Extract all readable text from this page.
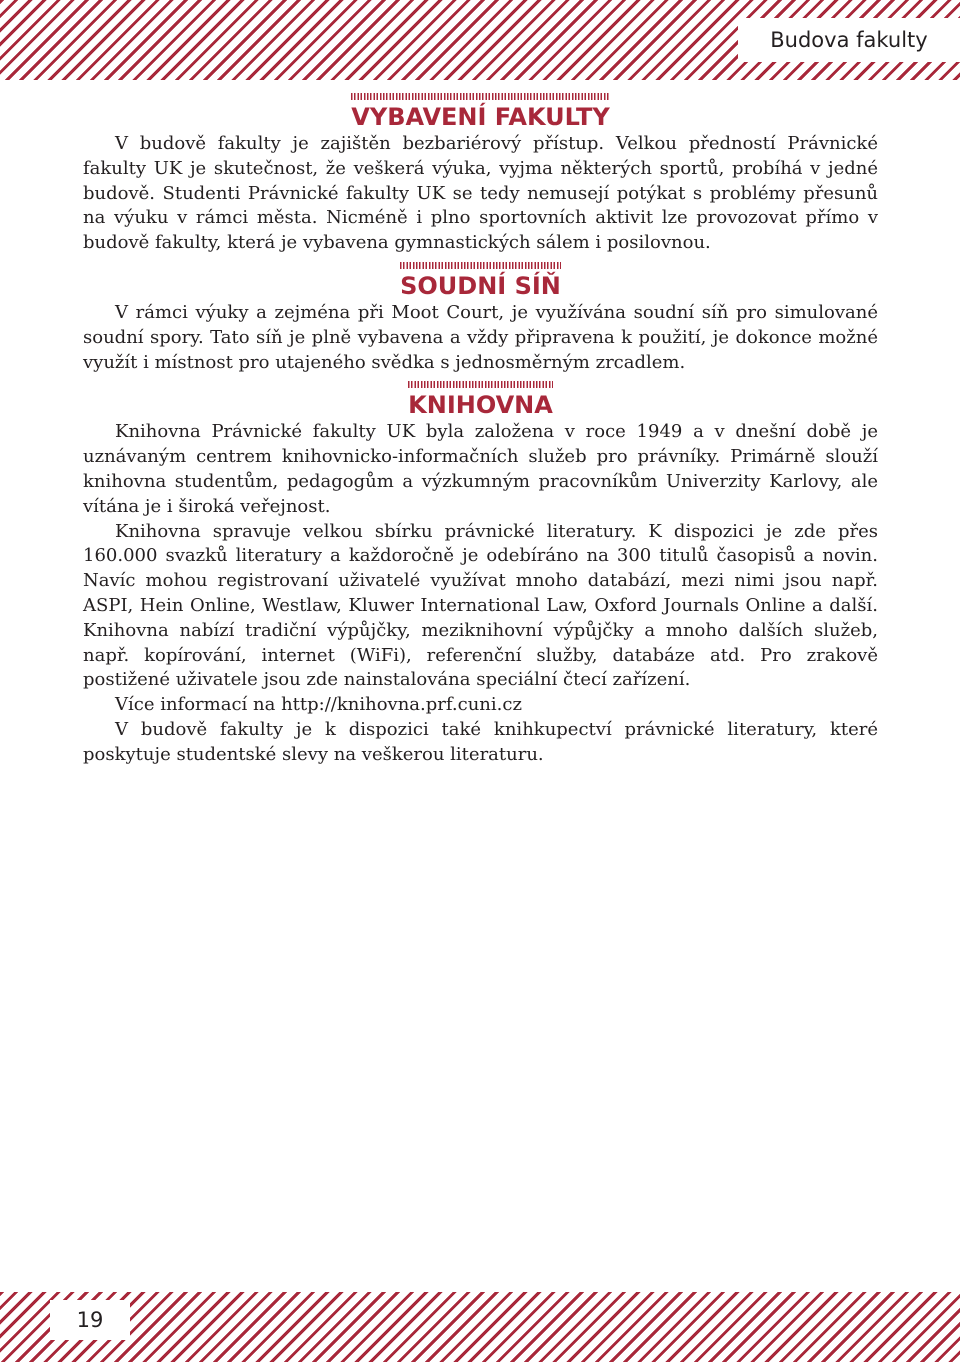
Budova fakulty
VYBAVENÍ FAKULTY

V budově fakulty je zajištěn bezbariérový přístup. Velkou předností Právnické fakulty UK je skutečnost, že veškerá výuka, vyjma některých sportů, probíhá v jedné budově. Studenti Právnické fakulty UK se tedy nemusejí potýkat s problémy přesunů na výuku v rámci města. Nicméně i plno sportovních aktivit lze provozovat přímo v budově fakulty, která je vybavena gymnastických sálem i posilovnou.

SOUDNÍ SÍŇ

V rámci výuky a zejména při Moot Court, je využívána soudní síň pro simulované soudní spory. Tato síň je plně vybavena a vždy připravena k použití, je dokonce možné využít i místnost pro utajeného svědka s jednosměrným zrcadlem.

KNIHOVNA

Knihovna Právnické fakulty UK byla založena v roce 1949 a v dnešní době je uznávaným centrem knihovnicko-informačních služeb pro právníky. Primárně slouží knihovna studentům, pedagogům a výzkumným pracovníkům Univerzity Karlovy, ale vítána je i široká veřejnost.

Knihovna spravuje velkou sbírku právnické literatury. K dispozici je zde přes 160.000 svazků literatury a každoročně je odebíráno na 300 titulů časopisů a novin. Navíc mohou registrovaní uživatelé využívat mnoho databází, mezi nimi jsou např. ASPI, Hein Online, Westlaw, Kluwer International Law, Oxford Journals Online a další. Knihovna nabízí tradiční výpůjčky, meziknihovní výpůjčky a mnoho dalších služeb, např. kopírování, internet (WiFi), referenční služby, databáze atd. Pro zrakově postižené uživatele jsou zde nainstalována speciální čtecí zařízení.

Více informací na http://knihovna.prf.cuni.cz

V budově fakulty je k dispozici také knihkupectví právnické literatury, které poskytuje studentské slevy na veškerou literaturu.

19
